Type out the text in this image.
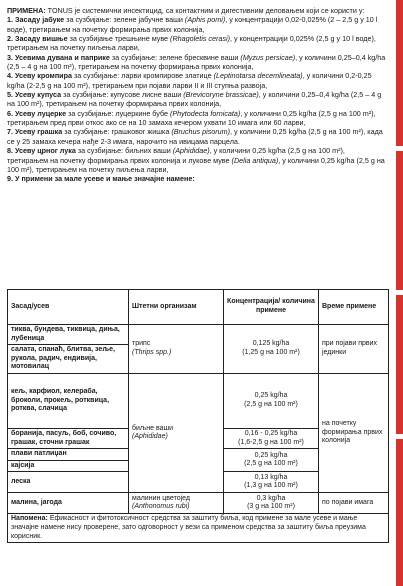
ПРИМЕНА: TONUS је системични инсектицид, са контактним и дигестивним деловањем који се користи у:

1. Засаду јабуке за сузбијање: зелене јабучне ваши (Aphis pomi), у концентрацији 0,02-0,025% (2 – 2,5 g у 10 l воде), третирањем на почетку формирања првих колонија,

2. Засаду вишње за сузбијање трешњине муве (Rhagoletis cerasi), у концентрацији 0,025% (2,5 g у 10 l воде), третирањем на почетку пиљења ларви,

3. Усевима дувана и паприке за сузбијање: зелене бресквине ваши (Myzus persicae), у количини 0,25–0,4 kg/ha (2,5 – 4 g на 100 m²), третирањем на почетку формирања првих колонија,

4. Усеву кромпира за сузбијање: ларви кромпирове златице (Leptinotarsa decemlineata), у количини 0,2-0,25 kg/ha (2-2,5 g на 100 m²), третирањем при појави ларви II и III ступња развоја,

5. Усеву купуса за сузбијање: купусове лисне ваши (Brevicoryne brassicae), у количини 0,25–0,4 kg/ha (2,5 – 4 g на 100 m²), третирањем на почетку формирања првих колонија,

6. Усеву луцерке за сузбијање: луцеркине бубе (Phytodecta fornicata), у количини 0,25 kg/ha (2,5 g на 100 m²), третирањем пред први откос ако се на 10 замаха кечером ухвати 10 имага или 60 ларви,

7. Усеву грашка за сузбијање: грашковог жишка (Bruchus pisorum), у количини 0,25 kg/ha (2,5 g на 100 m²), када се у 25 замаха кечера нађе 2-3 имага, нарочито на ивицама парцела.

8. Усеву црног лука за сузбијање: биљних ваши (Aphididae), у количини 0,25 kg/ha (2,5 g на 100 m²), третирањем на почетку формирања првих колонија и луковe муве (Delia antiqua), у количини 0,25 kg/ha (2,5 g на 100 m²), третирањем на почетку пиљења ларви,

9. У примени за мале усеве и мање значајне намене:

Засад/усев	Штетни организам	Концентрација/ количина примене	Време примене
тиква, бундева, тиквица, диња, лубеница	трипс
(Thrips spp.)	0,125 kg/ha
(1,25 g на 100 m²)	при појави првих јединки
салата, спанаћ, блитва, зеље, рукола, радич, ендивија, мотовилац			
кељ, карфиол, келераба, броколи, прокељ, ротквица, ротква, слачица	биљне ваши
(Aphididae)	0,25 kg/ha
(2,5 g на 100 m²)	на почетку формирања првих колонија
боранија, пасуљ, боб, сочиво, грашак, сточни грашак		0,16 - 0,25 kg/ha
(1,6-2,5 g на 100 m²)	
плави патлиџан		0,25 kg/ha
(2,5 g на 100 m²)	
кајсија			
леска		0,13 kg/ha
(1,3 g на 100 m²)	

малина, јагода	малинин цветојед
(Anthonomus rubi)	0,3 kg/ha
(3 g на 100 m²)	по појави имага
Напомена: Ефикасност и фитотоксичност средства за заштиту биља, код примене за мале усеве и мање значајне намене нису проверене, зато одговорност у вези са применом средства за заштиту биља преузима корисник.			
